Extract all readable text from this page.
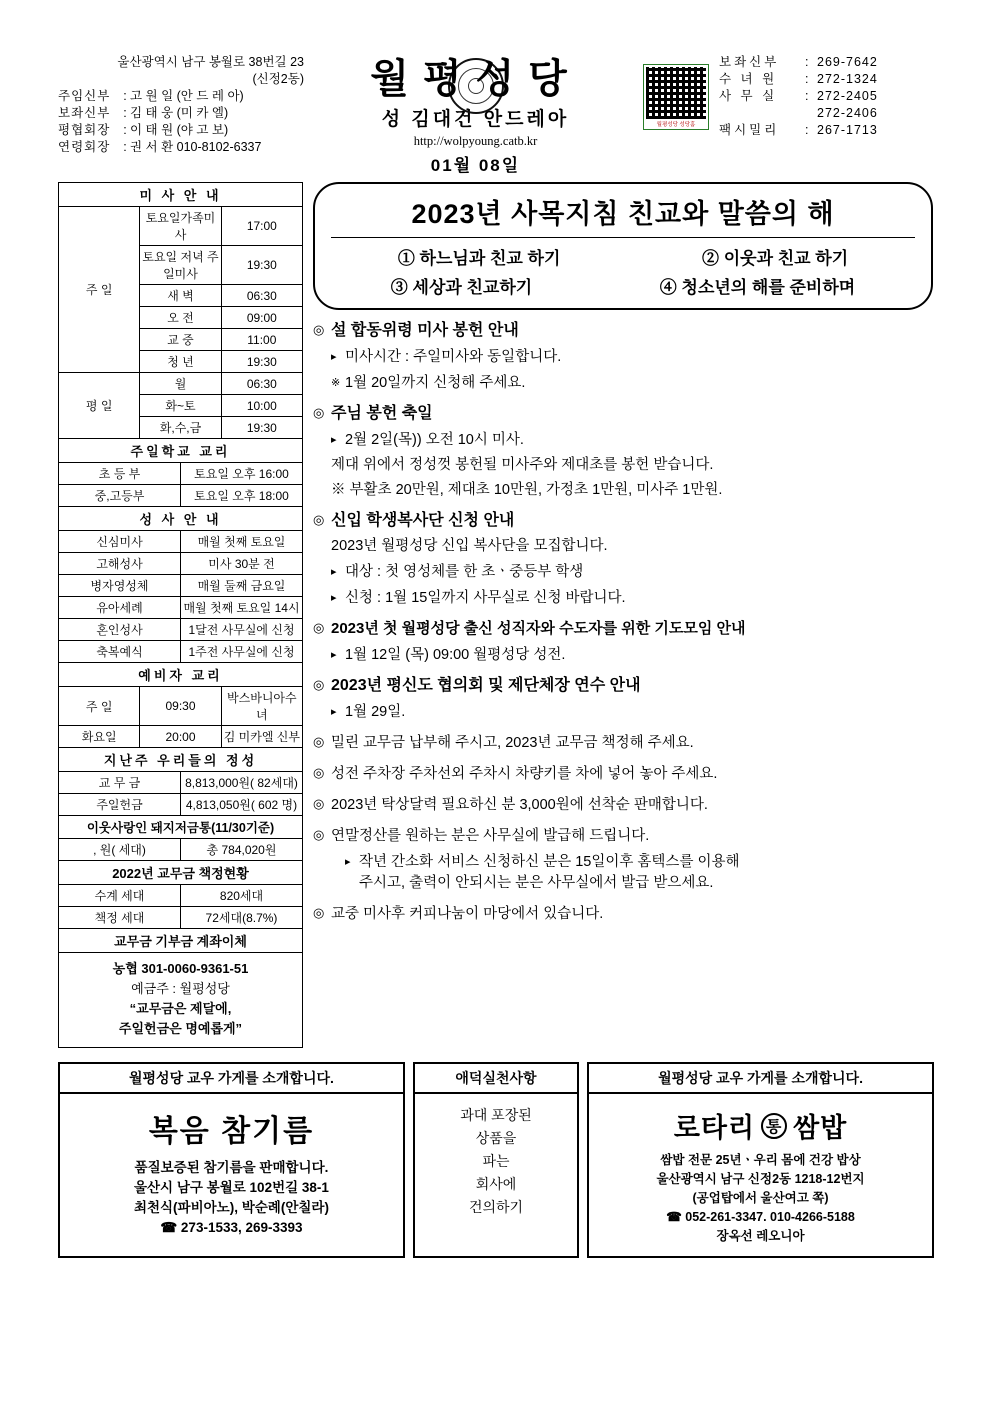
울산광역시 남구 봉월로 38번길 23
(신정2동)
주임신부	: 고 원 일 (안 드 레 아)
보좌신부	: 김 태 웅 (미 카 엘)
평협회장	: 이 태 원 (야 고 보)
연령회장	: 권 서 환 010-8102-6337
월평성당
성 김대건 안드레아
http://wolpyoung.catb.kr
01월 08일
월평성당 성당홈
보좌신부	: 269-7642
수 녀 원	: 272-1324
사 무 실	: 272-2405
272-2406
팩시밀리	: 267-1713
미 사 안 내		
주 일	토요일가족미사	17:00
	토요일 저녁 주일미사	19:30
	새 벽	06:30
	오 전	09:00
	교 중	11:00
	청 년	19:30
평 일	월	06:30
	화~토	10:00
	화,수,금	19:30
주일학교 교리	
초 등 부	토요일 오후 16:00
중,고등부	토요일 오후 18:00
성 사 안 내	
신심미사	매월 첫째 토요일
고해성사	미사 30분 전
병자영성체	매월 둘째 금요일
유아세례	매월 첫째 토요일 14시
혼인성사	1달전 사무실에 신청
축복예식	1주전 사무실에 신청
예비자 교리		
주 일	09:30	박스바니아수녀
화요일	20:00	김 미카엘 신부
지난주 우리들의 정성	
교 무 금	8,813,000원( 82세대)
주일헌금	4,813,050원( 602 명)
이웃사랑인 돼지저금통(11/30기준)
, 원( 세대)	총 784,020원
2022년 교무금 책정현황	
수계 세대	820세대
책정 세대	72세대(8.7%)
교무금 기부금 계좌이체
농협 301-0060-9361-51
예금주 : 월평성당
“교무금은 제달에,
주일헌금은 명예롭게”
2023년 사목지침 친교와 말씀의 해
① 하느님과 친교 하기	② 이웃과 친교 하기
③ 세상과 친교하기	④ 청소년의 해를 준비하며
◎ 설 합동위령 미사 봉헌 안내
▸ 미사시간 : 주일미사와 동일합니다.
※ 1월 20일까지 신청해 주세요.
◎ 주님 봉헌 축일
▸ 2월 2일(목)) 오전 10시 미사.
제대 위에서 정성껏 봉헌될 미사주와 제대초를 봉헌 받습니다.
※ 부활초 20만원, 제대초 10만원, 가정초 1만원, 미사주 1만원.
◎ 신입 학생복사단 신청 안내
2023년 월평성당 신입 복사단을 모집합니다.
▸ 대상 : 첫 영성체를 한 초ㆍ중등부 학생
▸ 신청 : 1월 15일까지 사무실로 신청 바랍니다.
◎ 2023년 첫 월평성당 출신 성직자와 수도자를 위한 기도모임 안내
▸ 1월 12일 (목) 09:00 월평성당 성전.
◎ 2023년 평신도 협의회 및 제단체장 연수 안내
▸ 1월 29일.
◎ 밀린 교무금 납부해 주시고, 2023년 교무금 책정해 주세요.
◎ 성전 주차장 주차선외 주차시 차량키를 차에 넣어 놓아 주세요.
◎ 2023년 탁상달력 필요하신 분 3,000원에 선착순 판매합니다.
◎ 연말정산를 원하는 분은 사무실에 발급해 드립니다.
▸ 작년 간소화 서비스 신청하신 분은 15일이후 홈텍스를 이용해
주시고, 출력이 안되시는 분은 사무실에서 발급 받으세요.
◎ 교중 미사후 커피나눔이 마당에서 있습니다.
월평성당 교우 가게를 소개합니다.
복음 참기름
품질보증된 참기름을 판매합니다.
울산시 남구 봉월로 102번길 38-1
최천식(파비아노), 박순례(안칠라)
☎ 273-1533, 269-3393
애덕실천사항
과대 포장된
상품을
파는
회사에
건의하기
월평성당 교우 가게를 소개합니다.
로타리 통 쌈밥
쌈밥 전문 25년ㆍ우리 몸에 건강 밥상
울산광역시 남구 신정2동 1218-12번지
(공업탑에서 울산여고 쪽)
☎ 052-261-3347. 010-4266-5188
장옥선 레오니아
